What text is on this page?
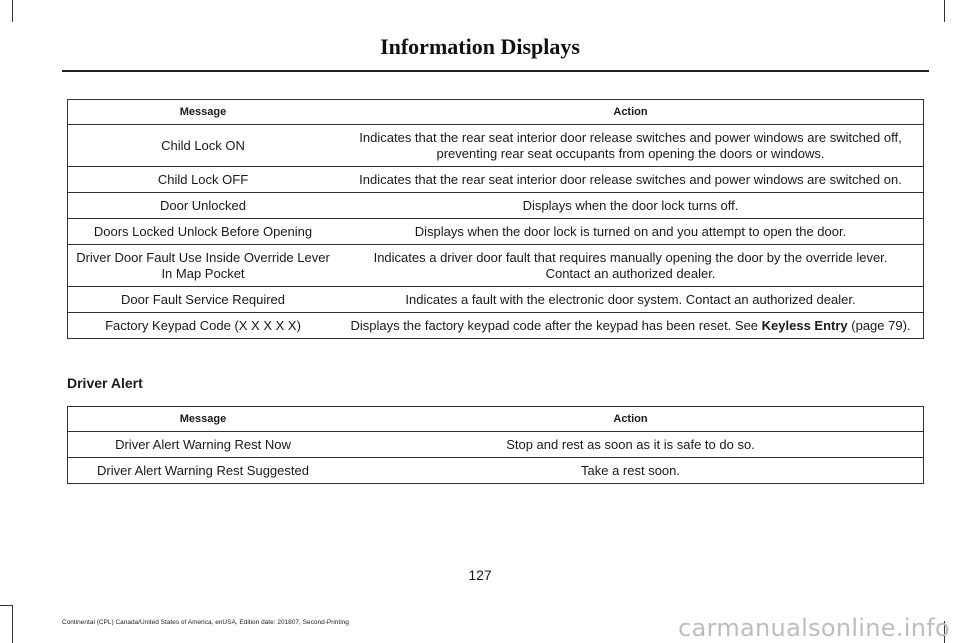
Information Displays
Message	Action
Child Lock ON	Indicates that the rear seat interior door release switches and power windows are switched off,
preventing rear seat occupants from opening the doors or windows.
Child Lock OFF	Indicates that the rear seat interior door release switches and power windows are switched on.
Door Unlocked	Displays when the door lock turns off.
Doors Locked Unlock Before Opening	Displays when the door lock is turned on and you attempt to open the door.
Driver Door Fault Use Inside Override Lever In Map Pocket	Indicates a driver door fault that requires manually opening the door by the override lever.
Contact an authorized dealer.
Door Fault Service Required	Indicates a fault with the electronic door system. Contact an authorized dealer.
Factory Keypad Code (X X X X X)	Displays the factory keypad code after the keypad has been reset. See Keyless Entry (page 79).
Driver Alert
Message	Action
Driver Alert Warning Rest Now	Stop and rest as soon as it is safe to do so.
Driver Alert Warning Rest Suggested	Take a rest soon.
127
Continental (CPL) Canada/United States of America, enUSA, Edition date: 201807, Second-Printing	carmanualsonline.info
